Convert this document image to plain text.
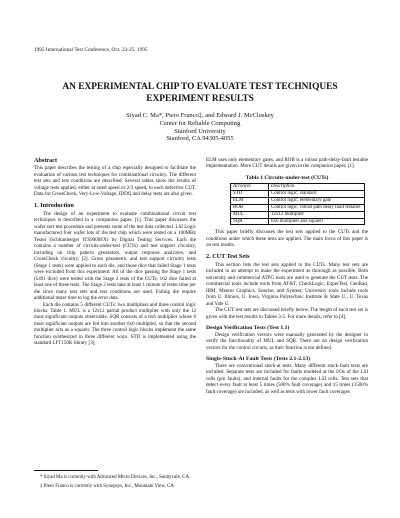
1995 International Test Conference, Oct. 23-25, 1995
AN EXPERIMENTAL CHIP TO EVALUATE TEST TECHNIQUES
EXPERIMENT RESULTS
Siyad C. Ma*, Piero Franco‡, and Edward J. McCluskey
Center for Reliable Computing
Stanford University
Stanford, CA 94305-4055
Abstract

This paper describes the testing of a chip especially designed to facilitate the evaluation of various test techniques for combinational circuitry. The different test sets and test conditions are described. Several tables show the results of voltage tests applied, either at rated speed or 2/3 speed, to each defective CUT. Data for CrossCheck, Very-Low-Voltage, IDDQ and delay tests are also given.

1. Introduction

The design of an experiment to evaluate combinational circuit test techniques is described in a companion paper, [1]. This paper discusses the wafer sort test procedure and presents some of the test data collected. LSI Logic manufactured four wafer lots of the test chip which were tested on a 100MHz Tester (Schlumberger ITS9000FX) by Digital Testing Services. Each die contains a number of circuits-under-test (CUTs) and test support circuitry, including on chip pattern generators, output response analyzers, and CrossCheck circuitry, [2]. Gross parametric and test support circuitry tests (Stage 1 tests) were applied to each die, and those dice that failed Stage 1 tests were excluded from this experiment. All of the dice passing the Stage 1 tests (5491 dice) were tested with the Stage 2 tests of the CUTs; 162 dice failed at least one of these tests. The Stage 2 tests take at least 1 minute of tester time per die since many test sets and test conditions are used. Failing die require additional tester time to log the error data.

Each die contains 5 different CUTs: two multipliers and three control logic blocks. Table 1. MUL is a 12x12 partial product multiplier with only the 12 most significant outputs observable. SQR consists of a 6x6 multiplier whose 6 most significant outputs are fed into another 6x6 multiplier, so that the second multiplier acts as a squarer. The three control logic blocks implement the same function synthesized in three different ways. STD is implemented using the standard LFT150K library [3],

* Siyad Ma is currently with Advanced Micro Devices, Inc., Sunnyvale, CA.

‡ Piero Franco is currently with Synopsys, Inc., Mountain View, CA.

ELM uses only elementary gates, and ROB is a robust path-delay-fault testable implementation. More CUT details are given in the companion paper, [1].

Table 1 Circuits-under-test (CUTs)
Acronym	Description
STD	Control logic; standard
ELM	Control logic; elementary gate
ROB	Control logic; robust path delay fault testable
MUL	12x12 multiplier
SQR	6x6 multiplier and squarer

This paper briefly discusses the test sets applied to the CUTs and the conditions under which these tests are applied. The main focus of this paper is on test results.

2. CUT Test Sets

This section lists the test sets applied to the CUTs. Many test sets are included in an attempt to make the experiment as thorough as possible. Both university and commercial ATPG tools are used to generate the CUT tests. The commercial tools include tools from AT&T, CheckLogic, ExperTest, GenRad, IBM, Mentor Graphics, Sunrise, and Syntest; University tools include tools from U. Illinois, U. Iowa, Virginia Polytechnic Institute & State U., U. Texas and Yale U.

The CUT test sets are discussed briefly below. The length of each test set is given with the test results in Tables 3-5. For more details, refer to [4].

Design Verification Tests (Test 1.1)

Design verification vectors were manually generated by the designer to verify the functionality of MUL and SQR. There are no design verification vectors for the control circuits, as their function is not defined.

Single-Stuck-At Fault Tests (Tests 2.1-2.13)

There are conventional stuck-at tests. Many different stuck-fault tests are included. Separate tests are included for faults modeled at the I/Os of the LSI cells (pin faults), and internal faults for the complex LSI cells. Test sets that detect every fault at least 5 times (500% fault coverage) and 15 times (1500% fault coverage) are included, as well as tests with lower fault coverages
